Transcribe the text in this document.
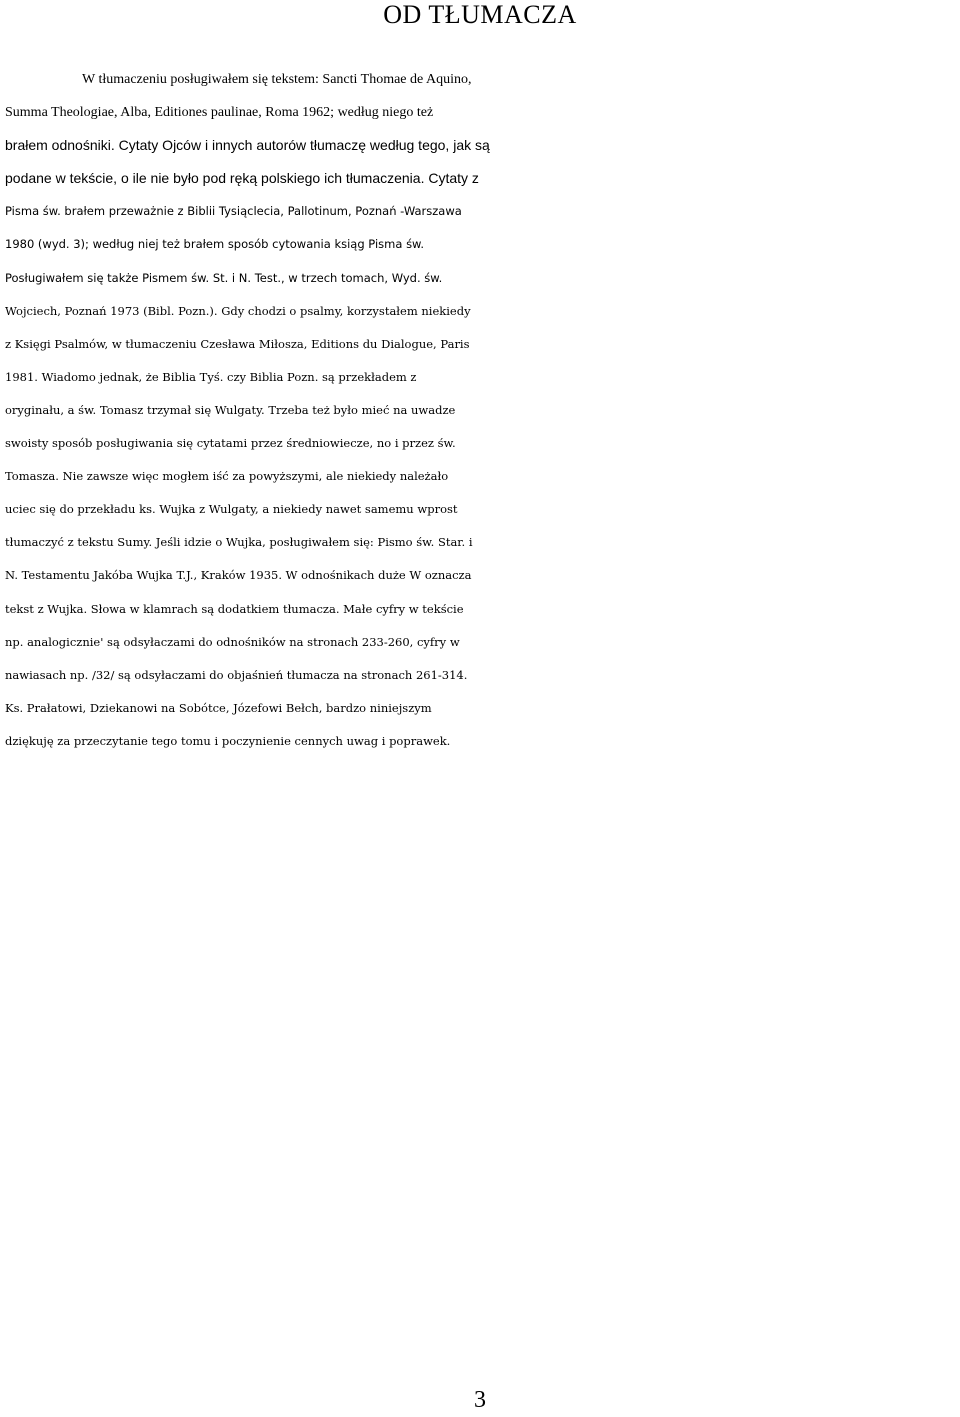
OD TŁUMACZA
W tłumaczeniu posługiwałem się tekstem: Sancti Thomae de Aquino,
Summa Theologiae, Alba, Editiones paulinae, Roma 1962; według niego też
brałem odnośniki. Cytaty Ojców i innych autorów tłumaczę według tego, jak są
podane w tekście, o ile nie było pod ręką polskiego ich tłumaczenia. Cytaty z
Pisma św. brałem przeważnie z Biblii Tysiąclecia, Pallotinum, Poznań -Warszawa
1980 (wyd. 3); według niej też brałem sposób cytowania ksiąg Pisma św.
Posługiwałem się także Pismem św. St. i N. Test., w trzech tomach, Wyd. św.
Wojciech, Poznań 1973 (Bibl. Pozn.). Gdy chodzi o psalmy, korzystałem niekiedy
z Księgi Psalmów, w tłumaczeniu Czesława Miłosza, Editions du Dialogue, Paris
1981. Wiadomo jednak, że Biblia Tyś. czy Biblia Pozn. są przekładem z
oryginału, a św. Tomasz trzymał się Wulgaty. Trzeba też było mieć na uwadze
swoisty sposób posługiwania się cytatami przez średniowiecze, no i przez św.
Tomasza. Nie zawsze więc mogłem iść za powyższymi, ale niekiedy należało
uciec się do przekładu ks. Wujka z Wulgaty, a niekiedy nawet samemu wprost
tłumaczyć z tekstu Sumy. Jeśli idzie o Wujka, posługiwałem się: Pismo św. Star. i
N. Testamentu Jakóba Wujka T.J., Kraków 1935. W odnośnikach duże W oznacza
tekst z Wujka. Słowa w klamrach są dodatkiem tłumacza. Małe cyfry w tekście
np. analogicznie' są odsyłaczami do odnośników na stronach 233-260, cyfry w
nawiasach np. /32/ są odsyłaczami do objaśnień tłumacza na stronach 261-314.
Ks. Prałatowi, Dziekanowi na Sobótce, Józefowi Bełch, bardzo niniejszym
dziękuję za przeczytanie tego tomu i poczynienie cennych uwag i poprawek.
3
